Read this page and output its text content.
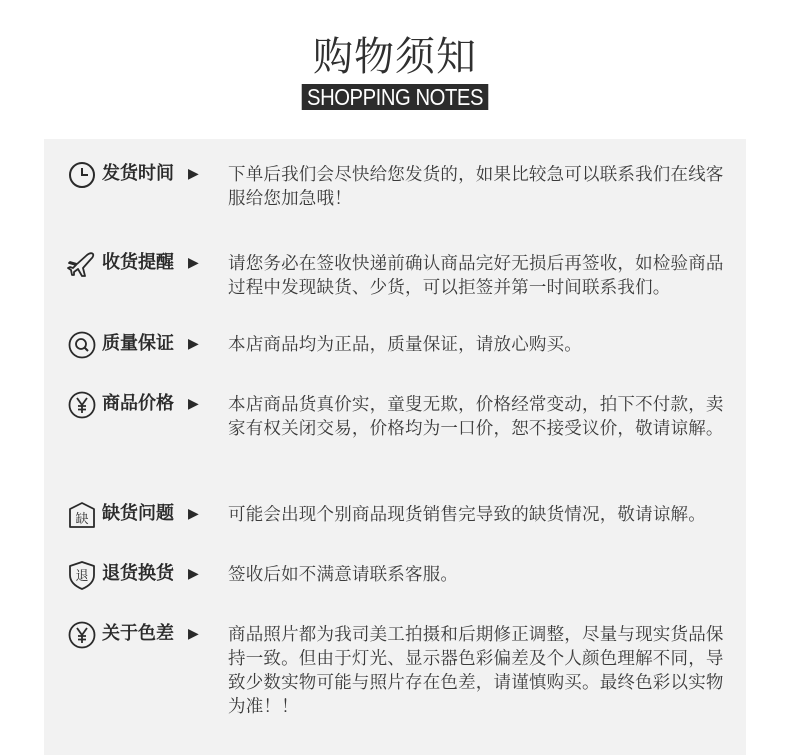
购物须知
SHOPPING NOTES
发货时间	▶ 下单后我们会尽快给您发货的，如果比较急可以联系我们在线客服给您加急哦！
收货提醒	▶ 请您务必在签收快递前确认商品完好无损后再签收，如检验商品过程中发现缺货、少货，可以拒签并第一时间联系我们。
质量保证	▶ 本店商品均为正品，质量保证，请放心购买。
商品价格	▶ 本店商品货真价实，童叟无欺，价格经常变动，拍下不付款，卖家有权关闭交易，价格均为一口价，恕不接受议价，敬请谅解。
缺 缺货问题	▶ 可能会出现个别商品现货销售完导致的缺货情况，敬请谅解。
退 退货换货	▶ 签收后如不满意请联系客服。
关于色差	▶ 商品照片都为我司美工拍摄和后期修正调整，尽量与现实货品保持一致。但由于灯光、显示器色彩偏差及个人颜色理解不同，导致少数实物可能与照片存在色差，请谨慎购买。最终色彩以实物为准！！
